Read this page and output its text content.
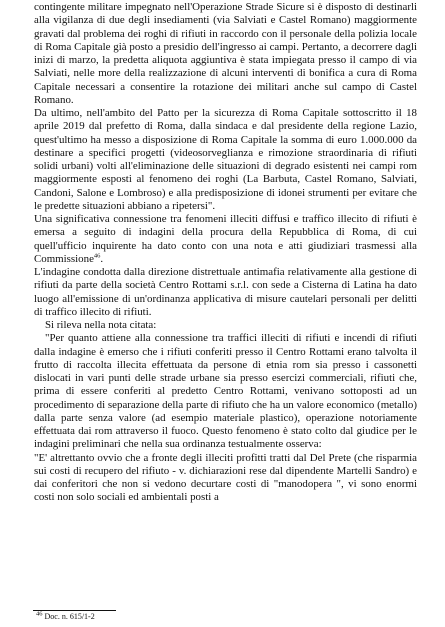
contingente militare impegnato nell'Operazione Strade Sicure si è disposto di destinarli alla vigilanza di due degli insediamenti (via Salviati e Castel Romano) maggiormente gravati dal problema dei roghi di rifiuti in raccordo con il personale della polizia locale di Roma Capitale già posto a presidio dell'ingresso ai campi. Pertanto, a decorrere dagli inizi di marzo, la predetta aliquota aggiuntiva è stata impiegata presso il campo di via Salviati, nelle more della realizzazione di alcuni interventi di bonifica a cura di Roma Capitale necessari a consentire la rotazione dei militari anche sul campo di Castel Romano.

Da ultimo, nell'ambito del Patto per la sicurezza di Roma Capitale sottoscritto il 18 aprile 2019 dal prefetto di Roma, dalla sindaca e dal presidente della regione Lazio, quest'ultimo ha messo a disposizione di Roma Capitale la somma di euro 1.000.000 da destinare a specifici progetti (videosorveglianza e rimozione straordinaria di rifiuti solidi urbani) volti all'eliminazione delle situazioni di degrado esistenti nei campi rom maggiormente esposti al fenomeno dei roghi (La Barbuta, Castel Romano, Salviati, Candoni, Salone e Lombroso) e alla predisposizione di idonei strumenti per evitare che le predette situazioni abbiano a ripetersi".

Una significativa connessione tra fenomeni illeciti diffusi e traffico illecito di rifiuti è emersa a seguito di indagini della procura della Repubblica di Roma, di cui quell'ufficio inquirente ha dato conto con una nota e atti giudiziari trasmessi alla Commissione$^{46}$.

L'indagine condotta dalla direzione distrettuale antimafia relativamente alla gestione di rifiuti da parte della società Centro Rottami s.r.l. con sede a Cisterna di Latina ha dato luogo all'emissione di un'ordinanza applicativa di misure cautelari personali per delitti di traffico illecito di rifiuti.

Si rileva nella nota citata:

"Per quanto attiene alla connessione tra traffici illeciti di rifiuti e incendi di rifiuti dalla indagine è emerso che i rifiuti conferiti presso il Centro Rottami erano talvolta il frutto di raccolta illecita effettuata da persone di etnia rom sia presso i cassonetti dislocati in vari punti delle strade urbane sia presso esercizi commerciali, rifiuti che, prima di essere conferiti al predetto Centro Rottami, venivano sottoposti ad un procedimento di separazione della parte di rifiuto che ha un valore economico (metallo) dalla parte senza valore (ad esempio materiale plastico), operazione notoriamente effettuata dai rom attraverso il fuoco. Questo fenomeno è stato colto dal giudice per le indagini preliminari che nella sua ordinanza testualmente osserva:

"E' altrettanto ovvio che a fronte degli illeciti profitti tratti dal Del Prete (che risparmia sui costi di recupero del rifiuto - v. dichiarazioni rese dal dipendente Martelli Sandro) e dai conferitori che non si vedono decurtare costi di "manodopera ", vi sono enormi costi non solo sociali ed ambientali posti a

$^{46}$ Doc. n. 615/1-2
